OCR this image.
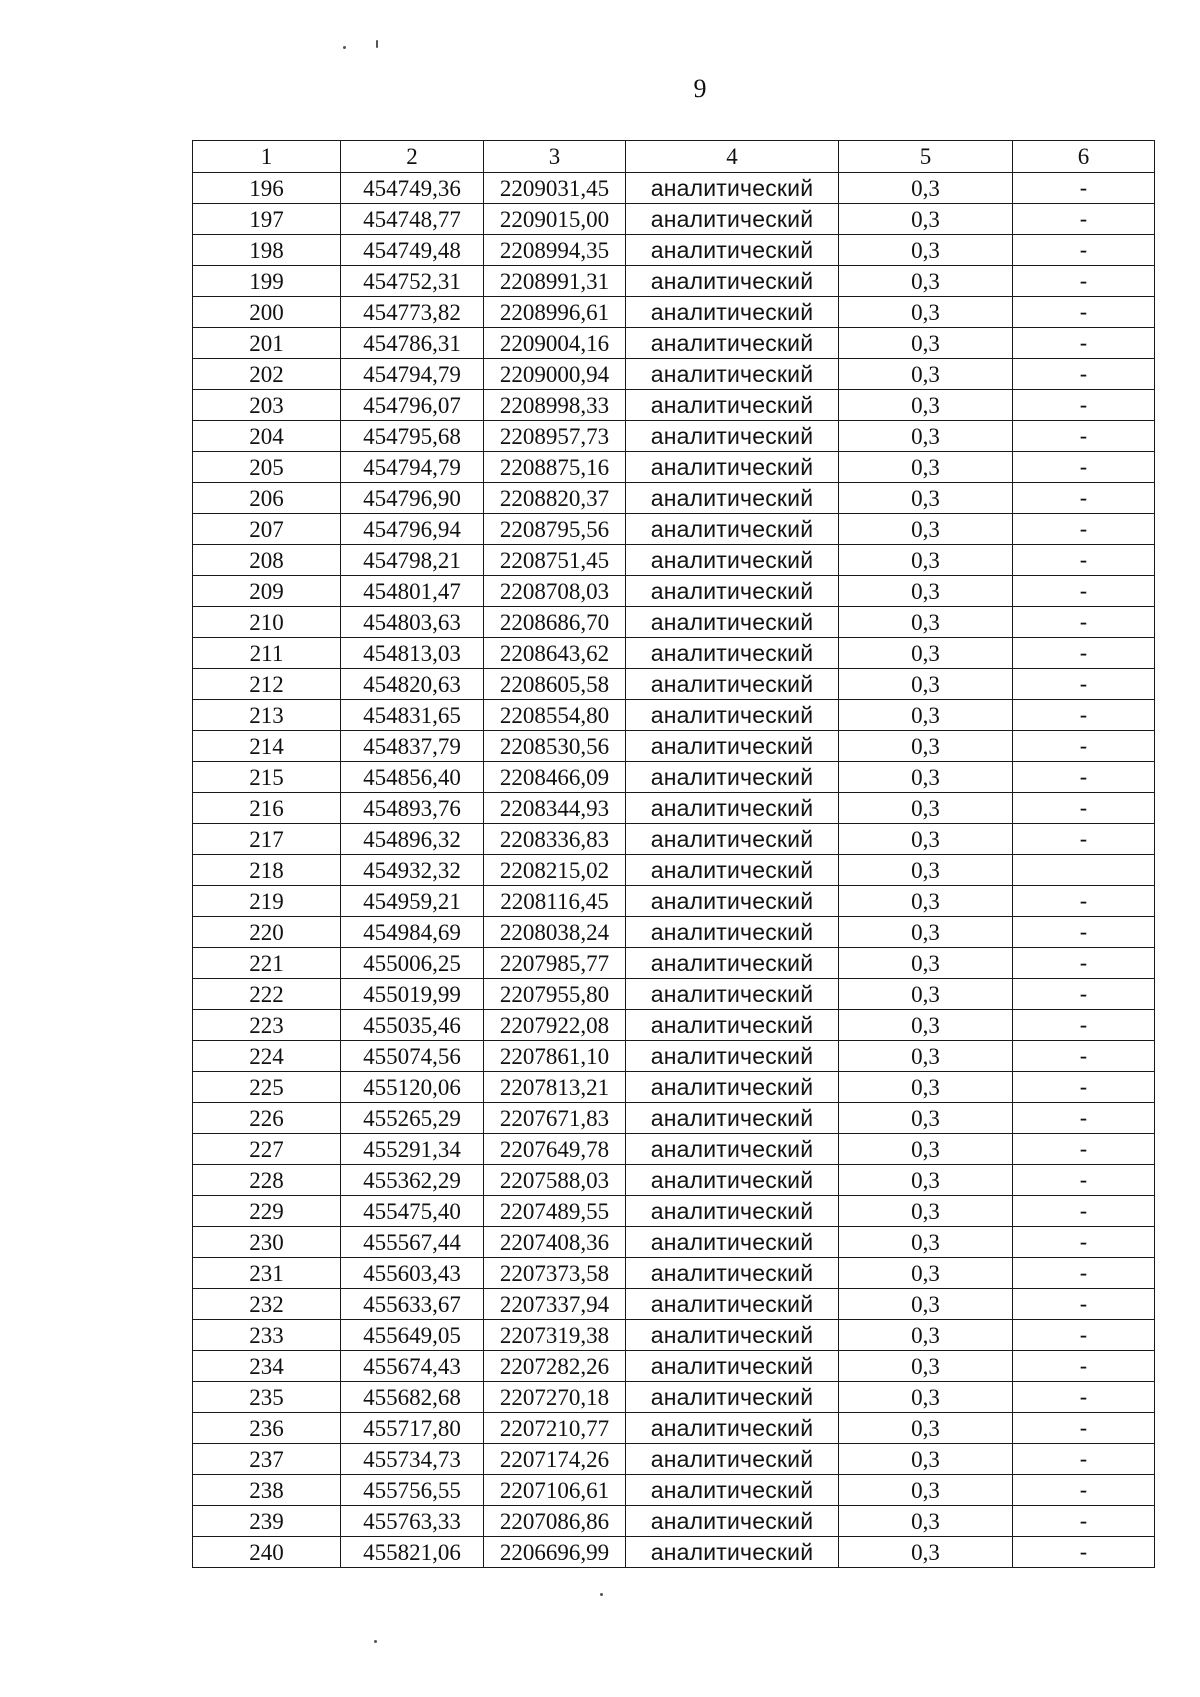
9
1	2	3	4	5	6
196	454749,36	2209031,45	аналитический	0,3	-
197	454748,77	2209015,00	аналитический	0,3	-
198	454749,48	2208994,35	аналитический	0,3	-
199	454752,31	2208991,31	аналитический	0,3	-
200	454773,82	2208996,61	аналитический	0,3	-
201	454786,31	2209004,16	аналитический	0,3	-
202	454794,79	2209000,94	аналитический	0,3	-
203	454796,07	2208998,33	аналитический	0,3	-
204	454795,68	2208957,73	аналитический	0,3	-
205	454794,79	2208875,16	аналитический	0,3	-
206	454796,90	2208820,37	аналитический	0,3	-
207	454796,94	2208795,56	аналитический	0,3	-
208	454798,21	2208751,45	аналитический	0,3	-
209	454801,47	2208708,03	аналитический	0,3	-
210	454803,63	2208686,70	аналитический	0,3	-
211	454813,03	2208643,62	аналитический	0,3	-
212	454820,63	2208605,58	аналитический	0,3	-
213	454831,65	2208554,80	аналитический	0,3	-
214	454837,79	2208530,56	аналитический	0,3	-
215	454856,40	2208466,09	аналитический	0,3	-
216	454893,76	2208344,93	аналитический	0,3	-
217	454896,32	2208336,83	аналитический	0,3	-
218	454932,32	2208215,02	аналитический	0,3	
219	454959,21	2208116,45	аналитический	0,3	-
220	454984,69	2208038,24	аналитический	0,3	-
221	455006,25	2207985,77	аналитический	0,3	-
222	455019,99	2207955,80	аналитический	0,3	-
223	455035,46	2207922,08	аналитический	0,3	-
224	455074,56	2207861,10	аналитический	0,3	-
225	455120,06	2207813,21	аналитический	0,3	-
226	455265,29	2207671,83	аналитический	0,3	-
227	455291,34	2207649,78	аналитический	0,3	-
228	455362,29	2207588,03	аналитический	0,3	-
229	455475,40	2207489,55	аналитический	0,3	-
230	455567,44	2207408,36	аналитический	0,3	-
231	455603,43	2207373,58	аналитический	0,3	-
232	455633,67	2207337,94	аналитический	0,3	-
233	455649,05	2207319,38	аналитический	0,3	-
234	455674,43	2207282,26	аналитический	0,3	-
235	455682,68	2207270,18	аналитический	0,3	-
236	455717,80	2207210,77	аналитический	0,3	-
237	455734,73	2207174,26	аналитический	0,3	-
238	455756,55	2207106,61	аналитический	0,3	-
239	455763,33	2207086,86	аналитический	0,3	-
240	455821,06	2206696,99	аналитический	0,3	-
